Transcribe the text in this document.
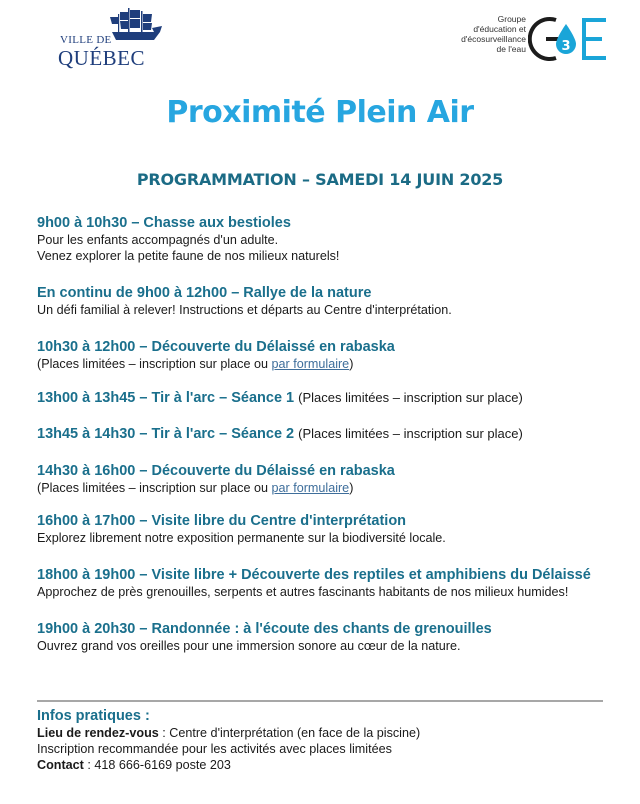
VILLE DE
QUÉBEC
Groupe
d'éducation et
d'écosurveillance
de l'eau	3
Proximité Plein Air
PROGRAMMATION – SAMEDI 14 JUIN 2025
9h00 à 10h30 – Chasse aux bestioles
Pour les enfants accompagnés d'un adulte.
Venez explorer la petite faune de nos milieux naturels!
En continu de 9h00 à 12h00 – Rallye de la nature
Un défi familial à relever! Instructions et départs au Centre d'interprétation.
10h30 à 12h00 – Découverte du Délaissé en rabaska
(Places limitées – inscription sur place ou par formulaire)
13h00 à 13h45 – Tir à l'arc – Séance 1 (Places limitées – inscription sur place)
13h45 à 14h30 – Tir à l'arc – Séance 2 (Places limitées – inscription sur place)
14h30 à 16h00 – Découverte du Délaissé en rabaska
(Places limitées – inscription sur place ou par formulaire)
16h00 à 17h00 – Visite libre du Centre d'interprétation
Explorez librement notre exposition permanente sur la biodiversité locale.
18h00 à 19h00 – Visite libre + Découverte des reptiles et amphibiens du Délaissé
Approchez de près grenouilles, serpents et autres fascinants habitants de nos milieux humides!
19h00 à 20h30 – Randonnée : à l'écoute des chants de grenouilles
Ouvrez grand vos oreilles pour une immersion sonore au cœur de la nature.
Infos pratiques :
Lieu de rendez-vous : Centre d'interprétation (en face de la piscine)
Inscription recommandée pour les activités avec places limitées
Contact : 418 666-6169 poste 203
